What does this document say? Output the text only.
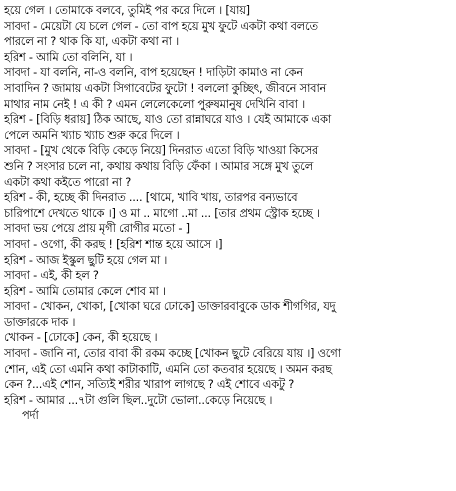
হয়ে গেল । তোমাকে বলবে, তুমিই পর করে দিলে । [যায়]
সাবদা - মেয়েটা যে চলে গেল - তো বাপ হয়ে মুখ ফুটে একটা কথা বলতে
পারলে না ? থাক কি যা, একটা কথা না ।
হরিশ - আমি তো বলিনি, যা ।
সাবদা - যা বলনি, না-ও বলনি, বাপ হয়েছেন ! দাড়িটা কামাও না কেন
সাবাদিন ? জামায় একটা সিগাবেটের ফুটো ! বললো কুচ্ছিৎ, জীবনে সাবান
মাথার নাম নেই ! এ কী ? এমন লেলেকেলো পুরুষমানুষ দেখিনি বাবা ।
হরিশ - [বিড়ি ধরায়] ঠিক আছে, যাও তো রান্নাঘরে যাও । যেই আমাকে একা
পেলে অমনি খ্যাচ খ্যাচ শুরু করে দিলে ।
সাবদা - [মুখ থেকে বিড়ি কেড়ে নিয়ে] দিনরাত এতো বিড়ি খাওয়া কিসের
শুনি ? সংসার চলে না, কথায় কথায় বিড়ি ফেঁকা । আমার সঙ্গে মুখ তুলে
একটা কথা কইতে পারো না ?
হরিশ - কী, হচ্ছে কী দিনরাত .... [থামে, খাবি খায়, তারপর বন্যভাবে
চারিপাশে দেখতে থাকে ।] ও মা .. মাগো ..মা ... [তার প্রথম স্ট্রোক হচ্ছে ।
সাবদা ভয় পেয়ে প্রায় মৃগী রোগীর মতো - ]
সাবদা - ওগো, কী করছ ! [হরিশ শান্ত হয়ে আসে ।]
হরিশ - আজ ইস্কুল ছুটি হয়ে গেল মা ।
সাবদা - এই, কী হল ?
হরিশ - আমি তোমার কেলে শোব মা ।
সাবদা - খোকন, খোকা, [খোকা ঘরে ঢোকে] ডাক্তারবাবুকে ডাক শীগগির, যদু
ডাক্তারকে দাক ।
খোকন - [ঢোকে] কেন, কী হয়েছে ।
সাবদা - জানি না, তোর বাবা কী রকম কচ্ছে [খোকন ছুটে বেরিয়ে যায় ।] ওগো
শোন, এই তো এমনি কথা কাটাকাটি, এমনি তো কতবার হয়েছে । অমন করছ
কেন ?...এই শোন, সত্যিই শরীর খারাপ লাগছে ? এই শোবে একটু ?
হরিশ - আমার ...৭টা গুলি ছিল..দুটো ভোলা..কেড়ে নিয়েছে ।
পর্দা
